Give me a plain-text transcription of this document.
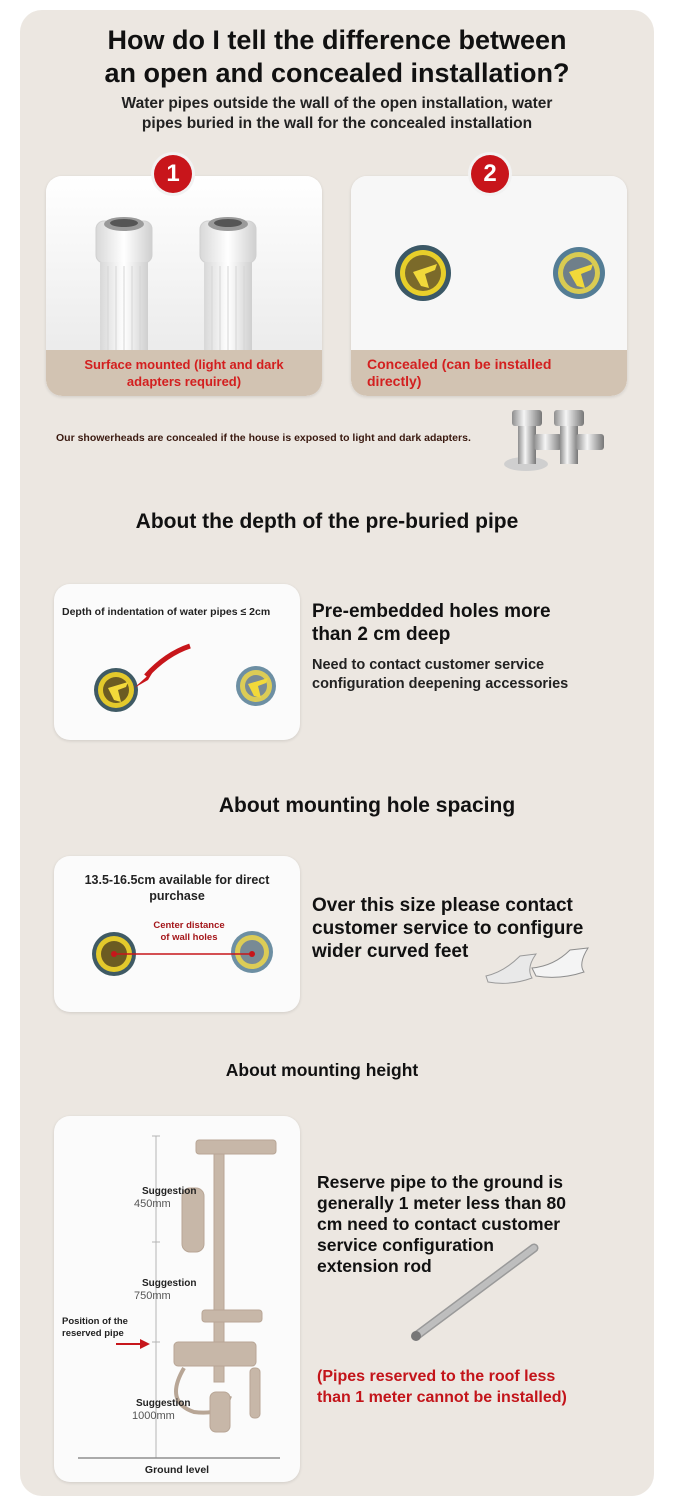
How do I tell the difference between
an open and concealed installation?
Water pipes outside the wall of the open installation, water
pipes buried in the wall for the concealed installation
Surface mounted (light and dark
adapters required)
1
Concealed (can be installed
directly)
2
Our showerheads are concealed if the house is exposed to light and dark adapters.
About the depth of the pre-buried pipe
Depth of indentation of water pipes ≤ 2cm Pre-embedded holes more
than 2 cm deep
Need to contact customer service
configuration deepening accessories
About mounting hole spacing
13.5-16.5cm available for direct
purchase
Center distance
of wall holes
Over this size please contact
customer service to configure
wider curved feet
About mounting height
Suggestion
450mm
Suggestion
750mm
Position of the
reserved pipe
Suggestion
1000mm
Ground level
Reserve pipe to the ground is
generally 1 meter less than 80
cm need to contact customer
service configuration
extension rod
(Pipes reserved to the roof less
than 1 meter cannot be installed)
